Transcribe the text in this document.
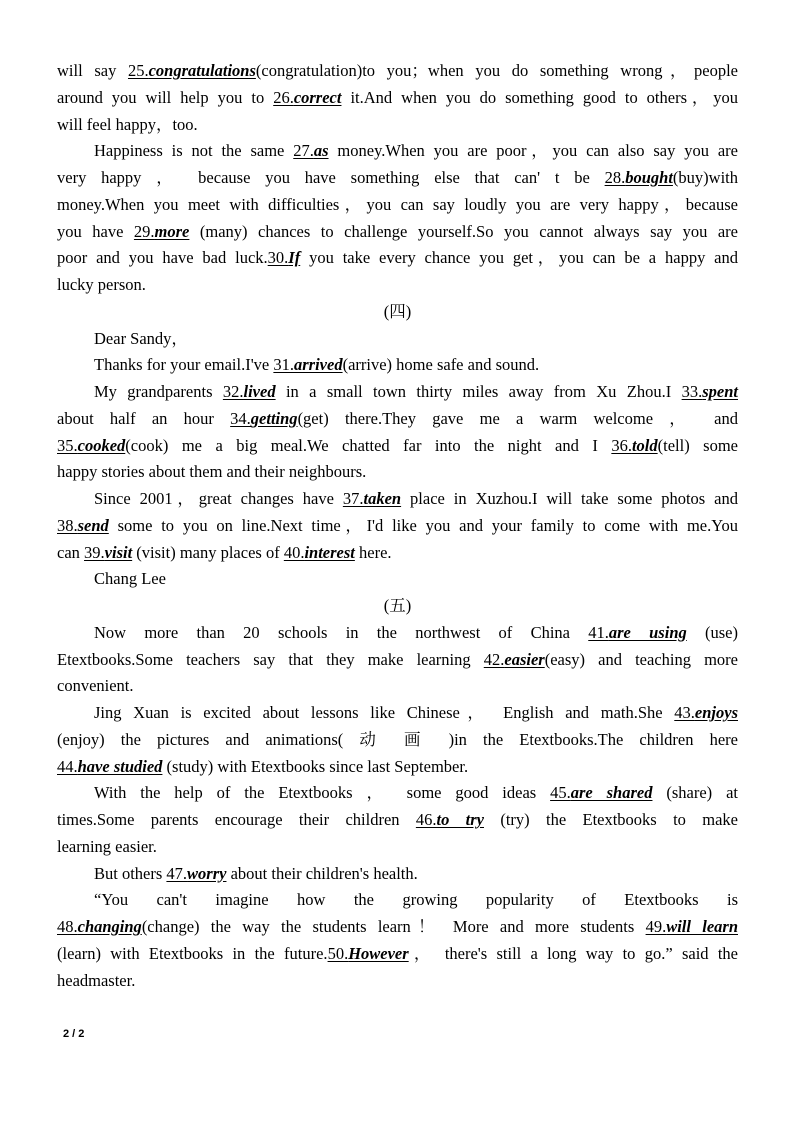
will say 25.congratulations(congratulation)to you；when you do something wrong，people
around you will help you to 26.correct it.And when you do something good to others，you
will feel happy，too.
Happiness is not the same 27.as money.When you are poor，you can also say you are
very happy ， because you have something else that can' t be 28.bought(buy)with
money.When you meet with difficulties，you can say loudly you are very happy，because
you have 29.more (many) chances to challenge yourself.So you cannot always say you are
poor and you have bad luck.30.If you take every chance you get，you can be a happy and
lucky person.
(四)
Dear Sandy，
Thanks for your email.I've 31.arrived(arrive) home safe and sound.
My grandparents 32.lived in a small town thirty miles away from Xu Zhou.I 33.spent
about half an hour 34.getting(get) there.They gave me a warm welcome ， and
35.cooked(cook) me a big meal.We chatted far into the night and I 36.told(tell) some
happy stories about them and their neighbours.
Since 2001，great changes have 37.taken place in Xuzhou.I will take some photos and
38.send some to you on line.Next time，I'd like you and your family to come with me.You
can 39.visit (visit) many places of 40.interest here.
Chang Lee
(五)
Now more than 20 schools in the northwest of China 41.are using (use)
Etextbooks.Some teachers say that they make learning 42.easier(easy) and teaching more
convenient.
Jing Xuan is excited about lessons like Chinese， English and math.She 43.enjoys
(enjoy) the pictures and animations( 动 画 )in the Etextbooks.The children here
44.have studied (study) with Etextbooks since last September.
With the help of the Etextbooks ， some good ideas 45.are shared (share) at
times.Some parents encourage their children 46.to try (try) the Etextbooks to make
learning easier.
But others 47.worry about their children's health.
“You can't imagine how the growing popularity of Etextbooks is
48.changing(change) the way the students learn！ More and more students 49.will learn
(learn) with Etextbooks in the future.50.However， there's still a long way to go.” said the
headmaster.
2 / 2
